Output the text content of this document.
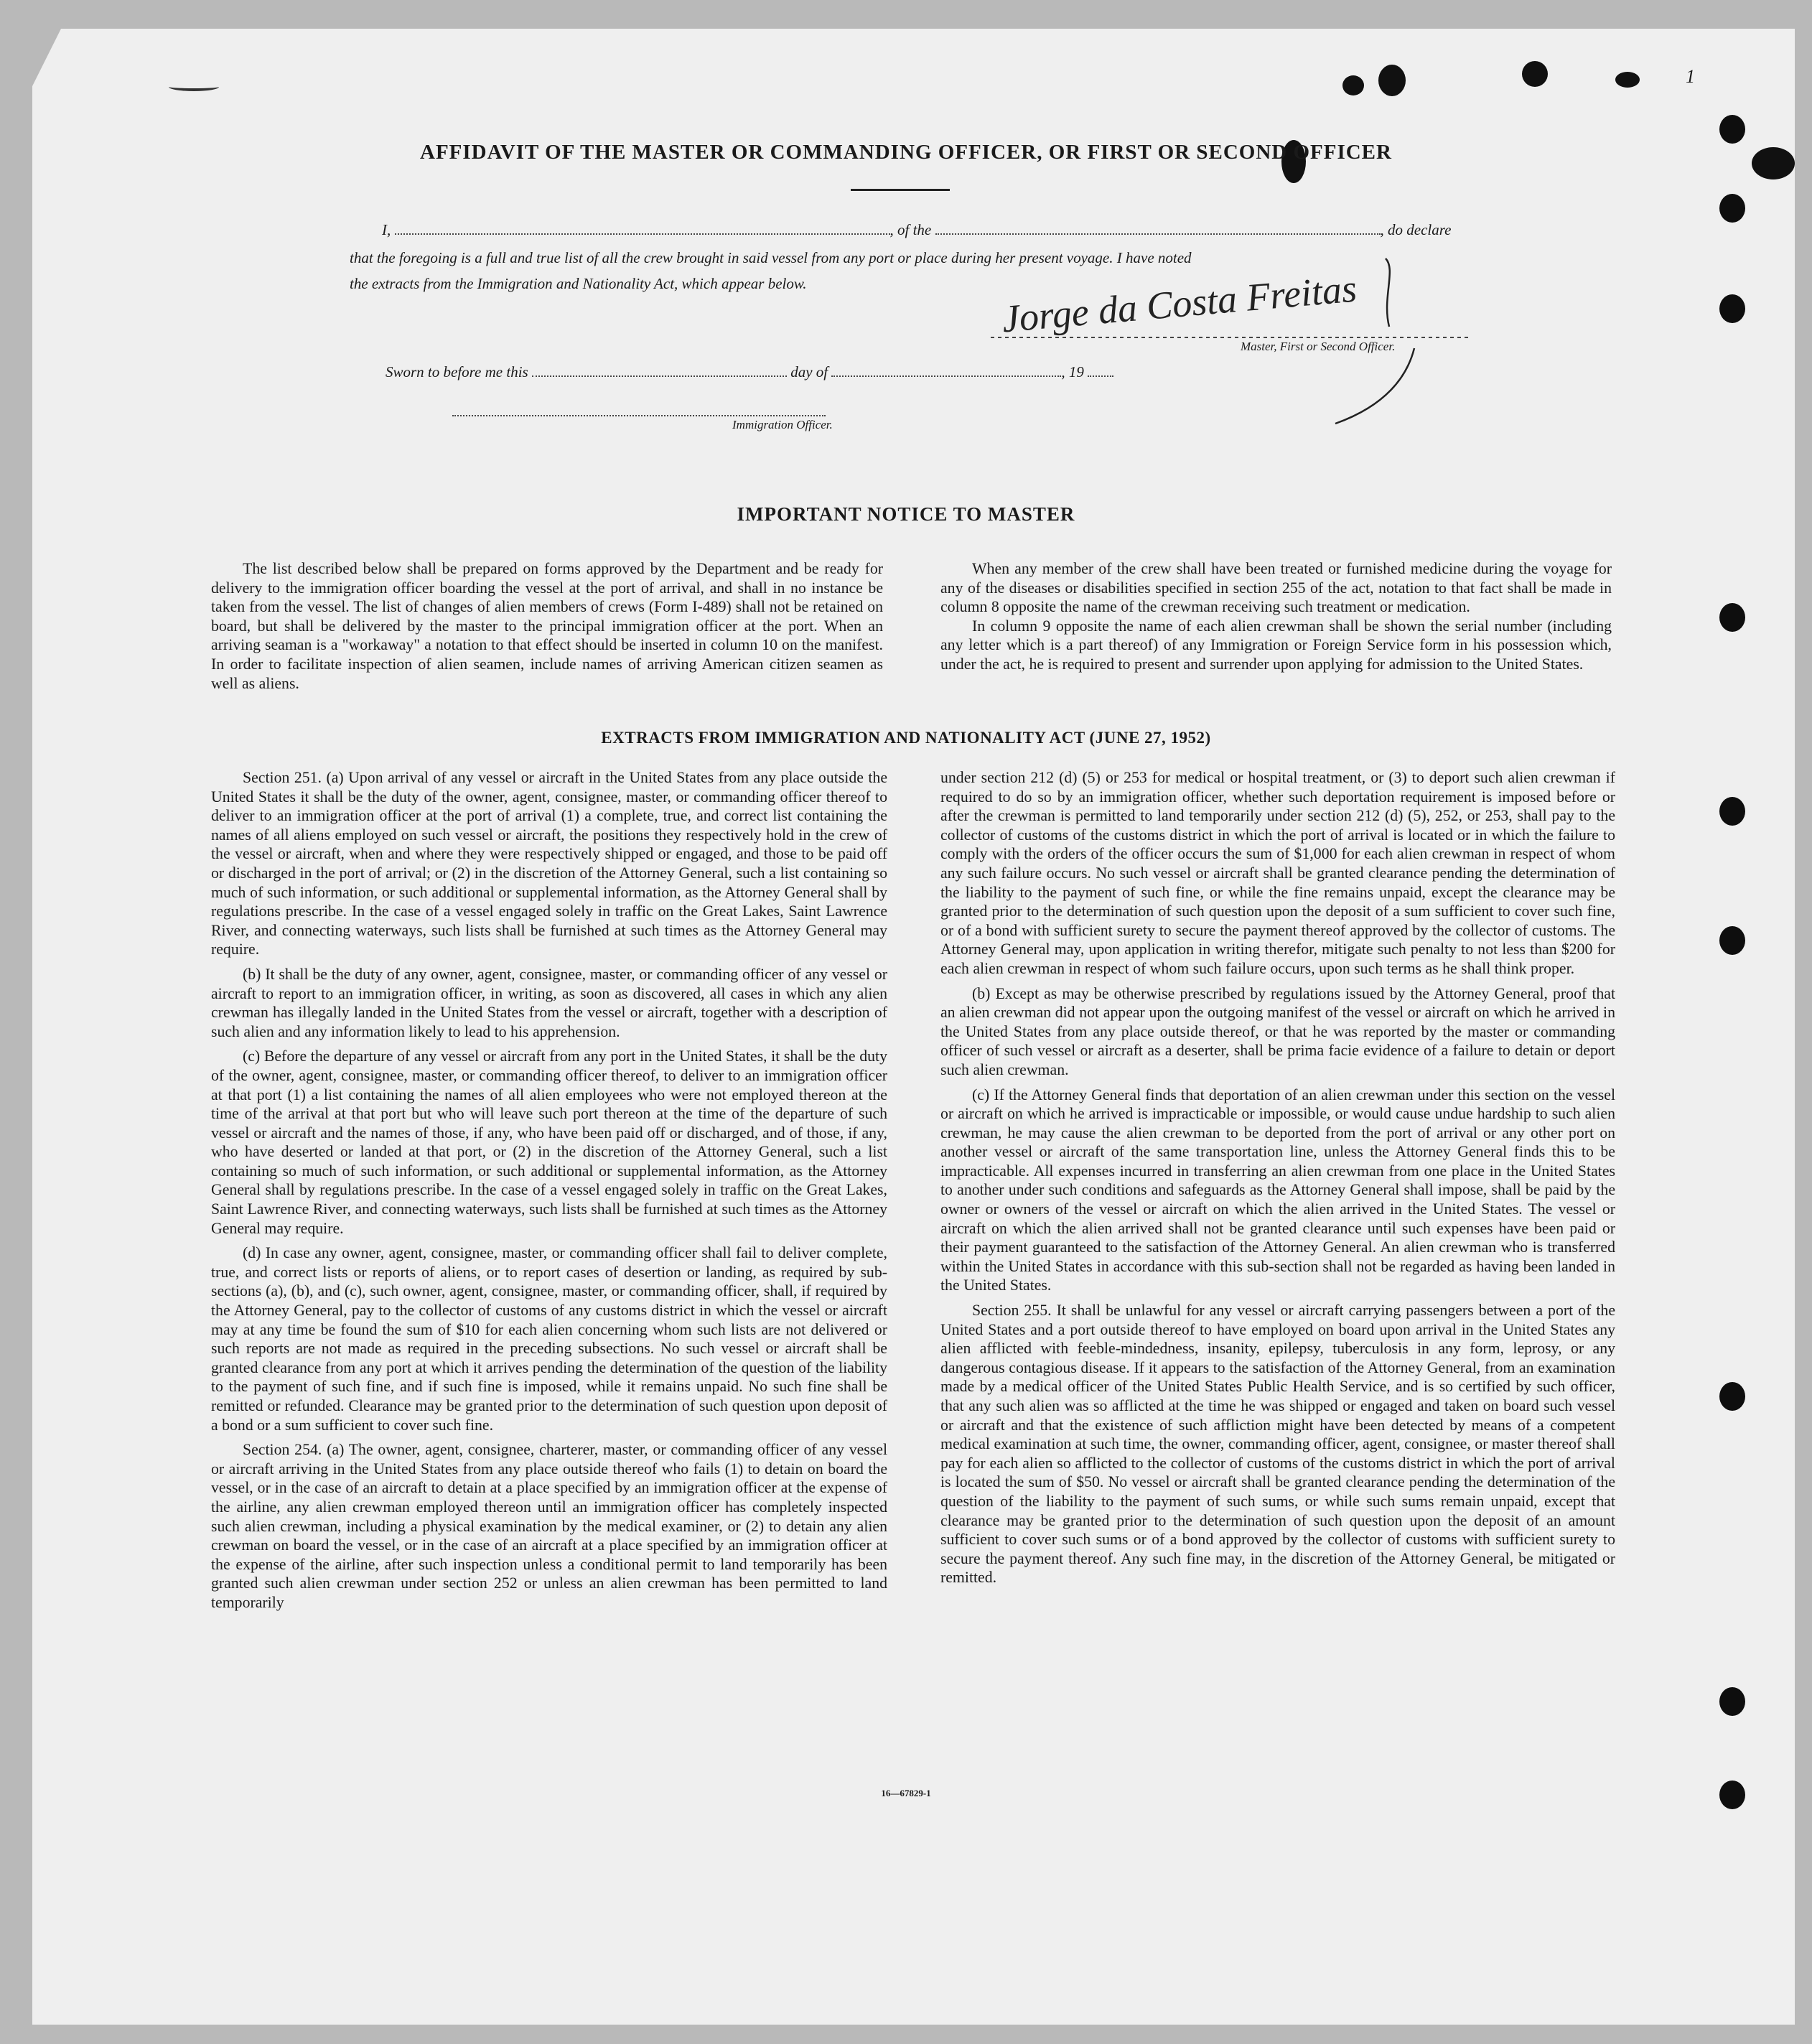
1
AFFIDAVIT OF THE MASTER OR COMMANDING OFFICER, OR FIRST OR SECOND OFFICER
I,	, of the	, do declare
that the foregoing is a full and true list of all the crew brought in said vessel from any port or place during her present voyage. I have noted
the extracts from the Immigration and Nationality Act, which appear below.	Jorge da Costa Freitas
Master, First or Second Officer.
Sworn to before me this	day of	, 19
Immigration Officer.
IMPORTANT NOTICE TO MASTER

The list described below shall be prepared on forms approved by the Department and be ready for delivery to the immigration officer boarding the vessel at the port of arrival, and shall in no instance be taken from the vessel. The list of changes of alien members of crews (Form I-489) shall not be retained on board, but shall be delivered by the master to the principal immigration officer at the port. When an arriving seaman is a "workaway" a notation to that effect should be inserted in column 10 on the manifest. In order to facilitate inspection of alien seamen, include names of arriving American citizen seamen as well as aliens.

When any member of the crew shall have been treated or furnished medicine during the voyage for any of the diseases or disabilities specified in section 255 of the act, notation to that fact shall be made in column 8 opposite the name of the crewman receiving such treatment or medication.

In column 9 opposite the name of each alien crewman shall be shown the serial number (including any letter which is a part thereof) of any Immigration or Foreign Service form in his possession which, under the act, he is required to present and surrender upon applying for admission to the United States.

EXTRACTS FROM IMMIGRATION AND NATIONALITY ACT (JUNE 27, 1952)

Section 251. (a) Upon arrival of any vessel or aircraft in the United States from any place outside the United States it shall be the duty of the owner, agent, consignee, master, or commanding officer thereof to deliver to an immigration officer at the port of arrival (1) a complete, true, and correct list containing the names of all aliens employed on such vessel or aircraft, the positions they respectively hold in the crew of the vessel or aircraft, when and where they were respectively shipped or engaged, and those to be paid off or discharged in the port of arrival; or (2) in the discretion of the Attorney General, such a list containing so much of such information, or such additional or supplemental information, as the Attorney General shall by regulations prescribe. In the case of a vessel engaged solely in traffic on the Great Lakes, Saint Lawrence River, and connecting waterways, such lists shall be furnished at such times as the Attorney General may require.

(b) It shall be the duty of any owner, agent, consignee, master, or commanding officer of any vessel or aircraft to report to an immigration officer, in writing, as soon as discovered, all cases in which any alien crewman has illegally landed in the United States from the vessel or aircraft, together with a description of such alien and any information likely to lead to his apprehension.

(c) Before the departure of any vessel or aircraft from any port in the United States, it shall be the duty of the owner, agent, consignee, master, or commanding officer thereof, to deliver to an immigration officer at that port (1) a list containing the names of all alien employees who were not employed thereon at the time of the arrival at that port but who will leave such port thereon at the time of the departure of such vessel or aircraft and the names of those, if any, who have been paid off or discharged, and of those, if any, who have deserted or landed at that port, or (2) in the discretion of the Attorney General, such a list containing so much of such information, or such additional or supplemental information, as the Attorney General shall by regulations prescribe. In the case of a vessel engaged solely in traffic on the Great Lakes, Saint Lawrence River, and connecting waterways, such lists shall be furnished at such times as the Attorney General may require.

(d) In case any owner, agent, consignee, master, or commanding officer shall fail to deliver complete, true, and correct lists or reports of aliens, or to report cases of desertion or landing, as required by sub-sections (a), (b), and (c), such owner, agent, consignee, master, or commanding officer, shall, if required by the Attorney General, pay to the collector of customs of any customs district in which the vessel or aircraft may at any time be found the sum of $10 for each alien concerning whom such lists are not delivered or such reports are not made as required in the preceding subsections. No such vessel or aircraft shall be granted clearance from any port at which it arrives pending the determination of the question of the liability to the payment of such fine, and if such fine is imposed, while it remains unpaid. No such fine shall be remitted or refunded. Clearance may be granted prior to the determination of such question upon deposit of a bond or a sum sufficient to cover such fine.

Section 254. (a) The owner, agent, consignee, charterer, master, or commanding officer of any vessel or aircraft arriving in the United States from any place outside thereof who fails (1) to detain on board the vessel, or in the case of an aircraft to detain at a place specified by an immigration officer at the expense of the airline, any alien crewman employed thereon until an immigration officer has completely inspected such alien crewman, including a physical examination by the medical examiner, or (2) to detain any alien crewman on board the vessel, or in the case of an aircraft at a place specified by an immigration officer at the expense of the airline, after such inspection unless a conditional permit to land temporarily has been granted such alien crewman under section 252 or unless an alien crewman has been permitted to land temporarily

under section 212 (d) (5) or 253 for medical or hospital treatment, or (3) to deport such alien crewman if required to do so by an immigration officer, whether such deportation requirement is imposed before or after the crewman is permitted to land temporarily under section 212 (d) (5), 252, or 253, shall pay to the collector of customs of the customs district in which the port of arrival is located or in which the failure to comply with the orders of the officer occurs the sum of $1,000 for each alien crewman in respect of whom any such failure occurs. No such vessel or aircraft shall be granted clearance pending the determination of the liability to the payment of such fine, or while the fine remains unpaid, except the clearance may be granted prior to the determination of such question upon the deposit of a sum sufficient to cover such fine, or of a bond with sufficient surety to secure the payment thereof approved by the collector of customs. The Attorney General may, upon application in writing therefor, mitigate such penalty to not less than $200 for each alien crewman in respect of whom such failure occurs, upon such terms as he shall think proper.

(b) Except as may be otherwise prescribed by regulations issued by the Attorney General, proof that an alien crewman did not appear upon the outgoing manifest of the vessel or aircraft on which he arrived in the United States from any place outside thereof, or that he was reported by the master or commanding officer of such vessel or aircraft as a deserter, shall be prima facie evidence of a failure to detain or deport such alien crewman.

(c) If the Attorney General finds that deportation of an alien crewman under this section on the vessel or aircraft on which he arrived is impracticable or impossible, or would cause undue hardship to such alien crewman, he may cause the alien crewman to be deported from the port of arrival or any other port on another vessel or aircraft of the same transportation line, unless the Attorney General finds this to be impracticable. All expenses incurred in transferring an alien crewman from one place in the United States to another under such conditions and safeguards as the Attorney General shall impose, shall be paid by the owner or owners of the vessel or aircraft on which the alien arrived in the United States. The vessel or aircraft on which the alien arrived shall not be granted clearance until such expenses have been paid or their payment guaranteed to the satisfaction of the Attorney General. An alien crewman who is transferred within the United States in accordance with this sub-section shall not be regarded as having been landed in the United States.

Section 255. It shall be unlawful for any vessel or aircraft carrying passengers between a port of the United States and a port outside thereof to have employed on board upon arrival in the United States any alien afflicted with feeble-mindedness, insanity, epilepsy, tuberculosis in any form, leprosy, or any dangerous contagious disease. If it appears to the satisfaction of the Attorney General, from an examination made by a medical officer of the United States Public Health Service, and is so certified by such officer, that any such alien was so afflicted at the time he was shipped or engaged and taken on board such vessel or aircraft and that the existence of such affliction might have been detected by means of a competent medical examination at such time, the owner, commanding officer, agent, consignee, or master thereof shall pay for each alien so afflicted to the collector of customs of the customs district in which the port of arrival is located the sum of $50. No vessel or aircraft shall be granted clearance pending the determination of the question of the liability to the payment of such sums, or while such sums remain unpaid, except that clearance may be granted prior to the determination of such question upon the deposit of an amount sufficient to cover such sums or of a bond approved by the collector of customs with sufficient surety to secure the payment thereof. Any such fine may, in the discretion of the Attorney General, be mitigated or remitted.

16—67829-1
